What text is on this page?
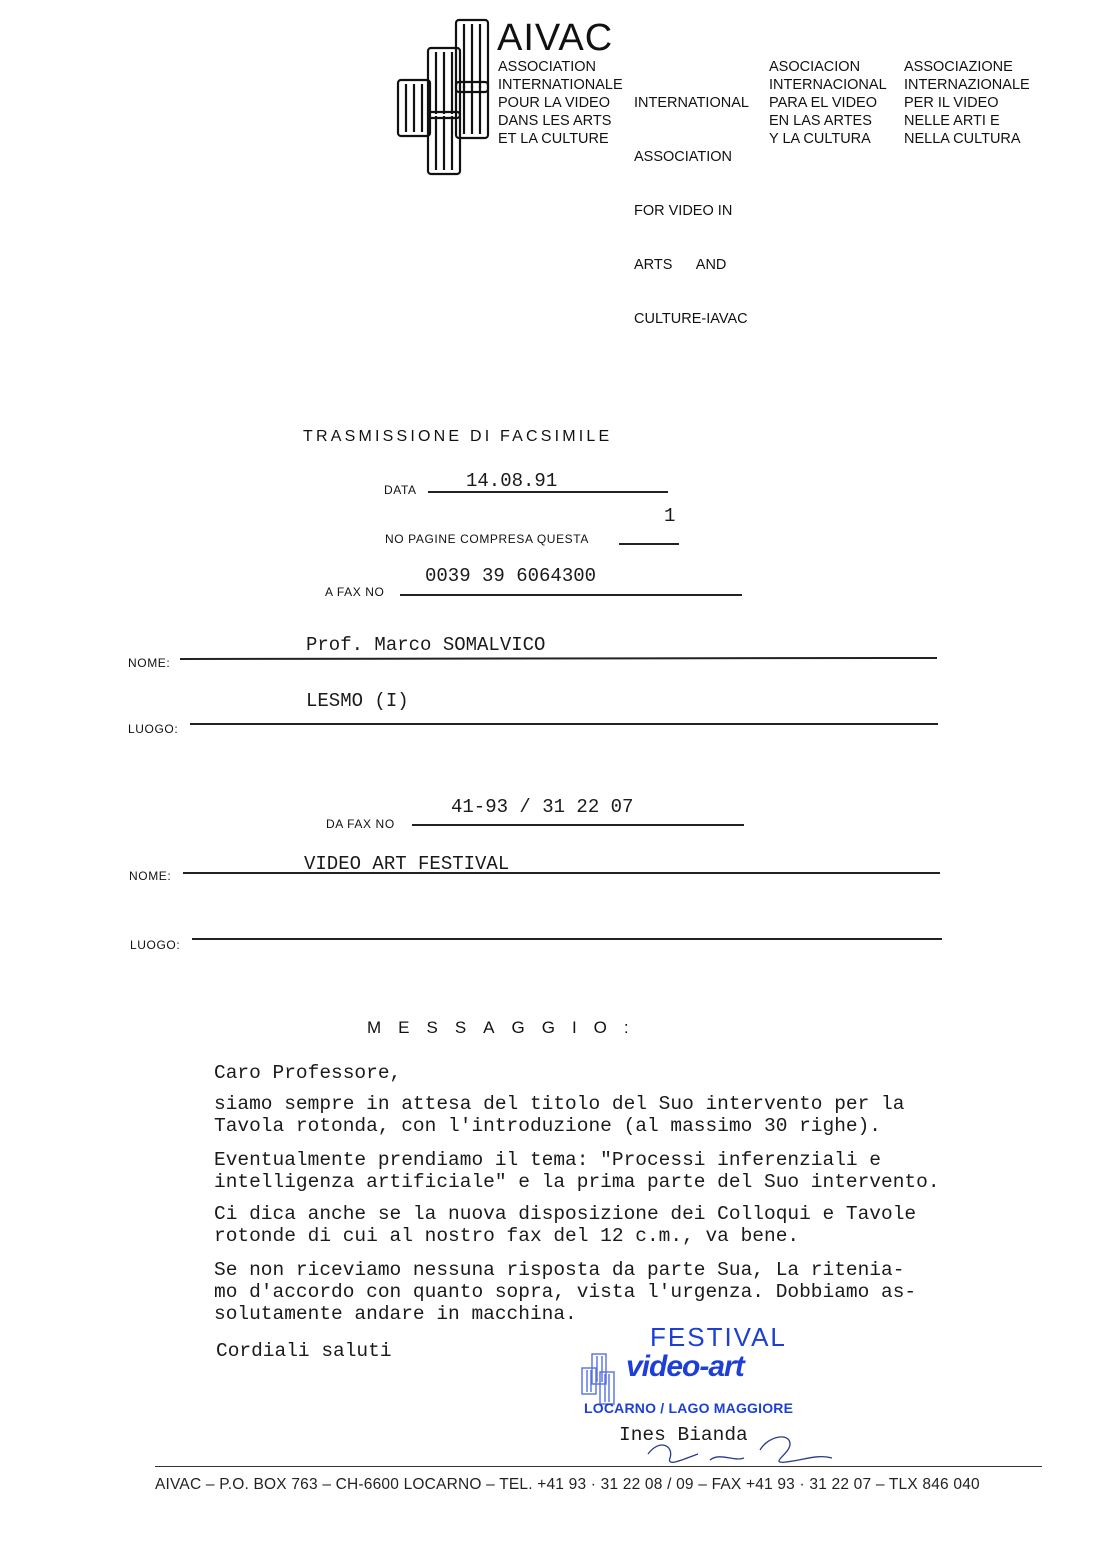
AIVAC
ASSOCIATION
INTERNATIONALE
POUR LA VIDEO
DANS LES ARTS
ET LA CULTURE

INTERNATIONAL

ASSOCIATION

FOR VIDEO IN

ARTS      AND

CULTURE-IAVAC

ASOCIACION
INTERNACIONAL
PARA EL VIDEO
EN LAS ARTES
Y LA CULTURA
ASSOCIAZIONE
INTERNAZIONALE
PER IL VIDEO
NELLE ARTI E
NELLA CULTURA
TRASMISSIONE DI FACSIMILE
DATA	14.08.91
1
NO PAGINE COMPRESA QUESTA
0039 39 6064300
A FAX NO
Prof. Marco SOMALVICO
NOME:
LESMO (I)
LUOGO:
41-93 / 31 22 07
DA FAX NO
VIDEO ART FESTIVAL
NOME:
LUOGO:
MESSAGGIO:
Caro Professore,
siamo sempre in attesa del titolo del Suo intervento per la
Tavola rotonda, con l'introduzione (al massimo 30 righe).
Eventualmente prendiamo il tema: "Processi inferenziali e
intelligenza artificiale" e la prima parte del Suo intervento.
Ci dica anche se la nuova disposizione dei Colloqui e Tavole
rotonde di cui al nostro fax del 12 c.m., va bene.
Se non riceviamo nessuna risposta da parte Sua, La ritenia-
mo d'accordo con quanto sopra, vista l'urgenza. Dobbiamo as-
solutamente andare in macchina.
Cordiali saluti	FESTIVAL
video-art
LOCARNO / LAGO MAGGIORE
Ines Bianda
AIVAC – P.O. BOX 763 – CH-6600 LOCARNO – TEL. +41 93 · 31 22 08 / 09 – FAX +41 93 · 31 22 07 – TLX 846 040
